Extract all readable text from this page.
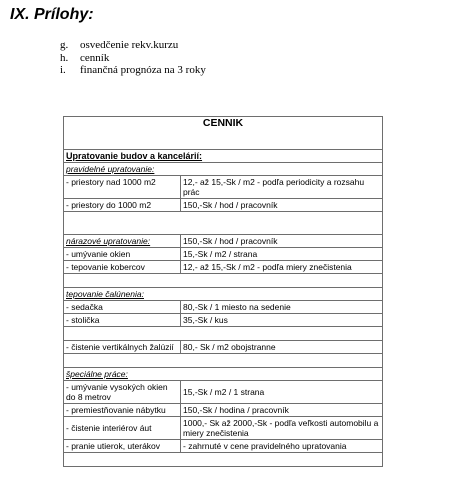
IX. Prílohy:
g.	osvedčenie rekv.kurzu
h.	cenník
i.	finančná prognóza na 3 roky
CENNIK	
Upratovanie budov a kancelárií:	
pravidelné upratovanie:	
- priestory nad 1000 m2	12,- až 15,-Sk / m2 - podľa periodicity a rozsahu prác
- priestory do 1000 m2	150,-Sk / hod / pracovník

nárazové upratovanie:	150,-Sk / hod / pracovník
- umývanie okien	15,-Sk / m2 / strana
- tepovanie kobercov	12,- až 15,-Sk / m2 - podľa miery znečistenia

tepovanie čalúnenia:	
- sedačka	80,-Sk / 1 miesto na sedenie
- stolička	35,-Sk / kus

- čistenie vertikálnych žalúzií	80,- Sk / m2 obojstranne

špeciálne práce:	
- umývanie vysokých okien do 8 metrov	15,-Sk / m2 / 1 strana
- premiestňovanie nábytku	150,-Sk / hodina / pracovník
- čistenie interiérov áut	1000,- Sk až 2000,-Sk - podľa veľkosti automobilu a miery znečistenia
- pranie utierok, uterákov	- zahrnuté v cene pravidelného upratovania
